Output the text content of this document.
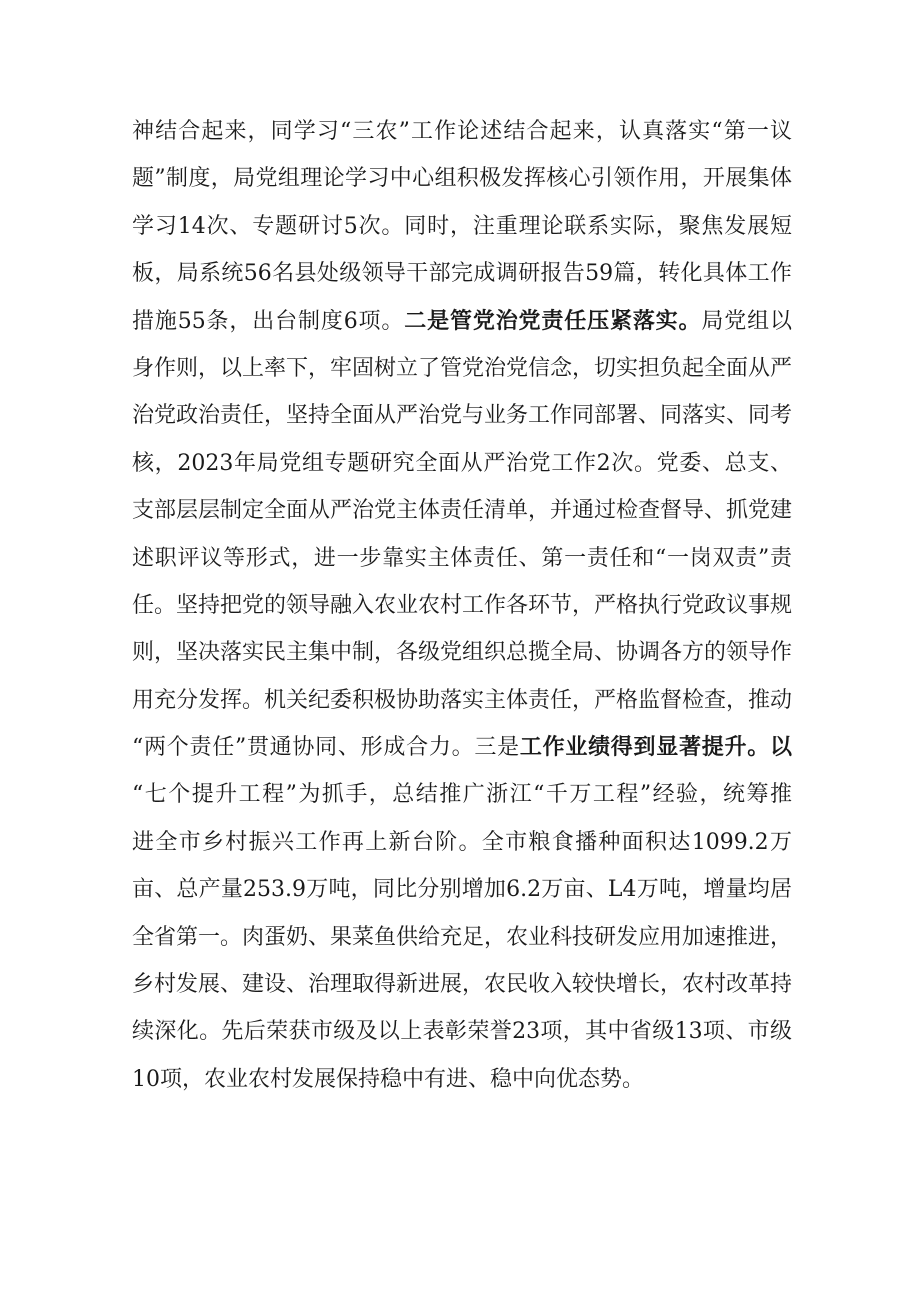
神结合起来，同学习“三农”工作论述结合起来，认真落实“第一议
题”制度，局党组理论学习中心组积极发挥核心引领作用，开展集体
学习14次、专题研讨5次。同时，注重理论联系实际，聚焦发展短
板，局系统56名县处级领导干部完成调研报告59篇，转化具体工作
措施55条，出台制度6项。二是管党治党责任压紧落实。局党组以
身作则，以上率下，牢固树立了管党治党信念，切实担负起全面从严
治党政治责任，坚持全面从严治党与业务工作同部署、同落实、同考
核，2023年局党组专题研究全面从严治党工作2次。党委、总支、
支部层层制定全面从严治党主体责任清单，并通过检查督导、抓党建
述职评议等形式，进一步靠实主体责任、第一责任和“一岗双责”责
任。坚持把党的领导融入农业农村工作各环节，严格执行党政议事规
则，坚决落实民主集中制，各级党组织总揽全局、协调各方的领导作
用充分发挥。机关纪委积极协助落实主体责任，严格监督检查，推动
“两个责任”贯通协同、形成合力。三是工作业绩得到显著提升。以
“七个提升工程”为抓手，总结推广浙江“千万工程”经验，统筹推
进全市乡村振兴工作再上新台阶。全市粮食播种面积达1099.2万
亩、总产量253.9万吨，同比分别增加6.2万亩、L4万吨，增量均居
全省第一。肉蛋奶、果菜鱼供给充足，农业科技研发应用加速推进，
乡村发展、建设、治理取得新进展，农民收入较快增长，农村改革持
续深化。先后荣获市级及以上表彰荣誉23项，其中省级13项、市级
10项，农业农村发展保持稳中有进、稳中向优态势。
